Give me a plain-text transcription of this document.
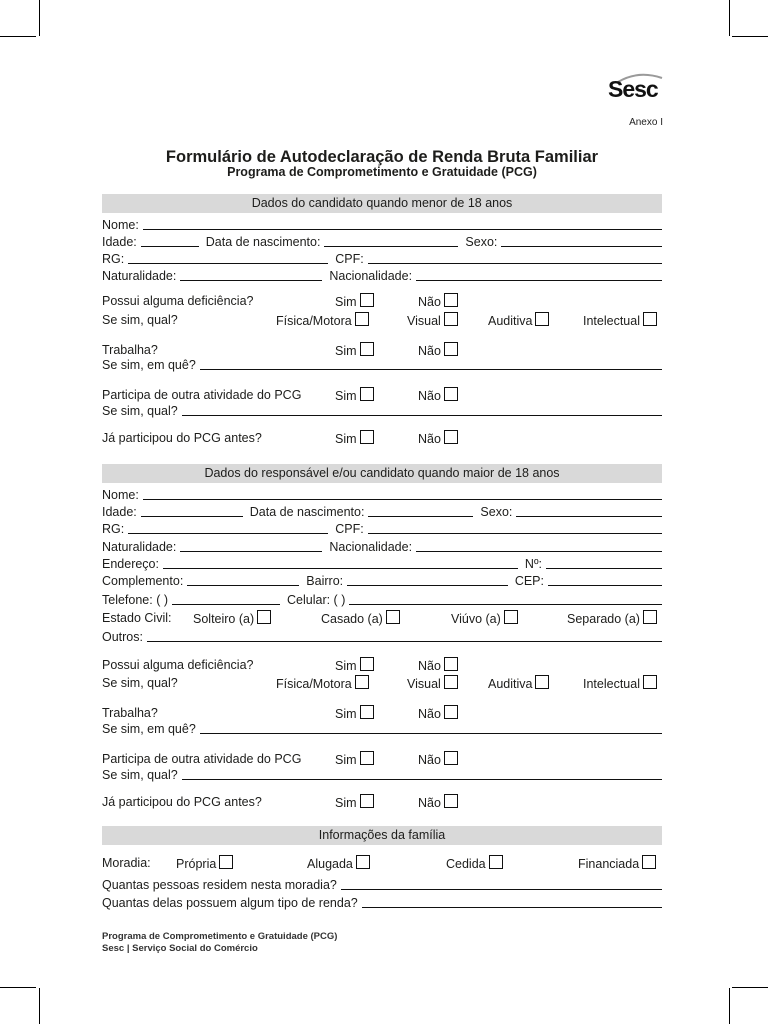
Sesc
Anexo I
Formulário de Autodeclaração de Renda Bruta Familiar
Programa de Comprometimento e Gratuidade (PCG)
Dados do candidato quando menor de 18 anos
Nome:
Idade:	Data de nascimento:	Sexo:
RG:	CPF:
Naturalidade:	Nacionalidade:
Possui alguma deficiência?	Sim	Não
Se sim, qual?	Física/Motora	Visual	Auditiva	Intelectual
Trabalha?	Sim	Não
Se sim, em quê?
Participa de outra atividade do PCG	Sim	Não
Se sim, qual?
Já participou do PCG antes?	Sim	Não
Dados do responsável e/ou candidato quando maior de 18 anos
Nome:
Idade:	Data de nascimento:	Sexo:
RG:	CPF:
Naturalidade:	Nacionalidade:
Endereço:	Nº:
Complemento:	Bairro:	CEP:
Telefone: ( )	Celular: ( )
Estado Civil: Solteiro (a)	Casado (a)	Viúvo (a)	Separado (a)
Outros:
Possui alguma deficiência?	Sim	Não
Se sim, qual?	Física/Motora	Visual	Auditiva	Intelectual
Trabalha?	Sim	Não
Se sim, em quê?
Participa de outra atividade do PCG	Sim	Não
Se sim, qual?
Já participou do PCG antes?	Sim	Não
Informações da família
Moradia: Própria	Alugada	Cedida	Financiada
Quantas pessoas residem nesta moradia?
Quantas delas possuem algum tipo de renda?
Programa de Comprometimento e Gratuidade (PCG)
Sesc | Serviço Social do Comércio
